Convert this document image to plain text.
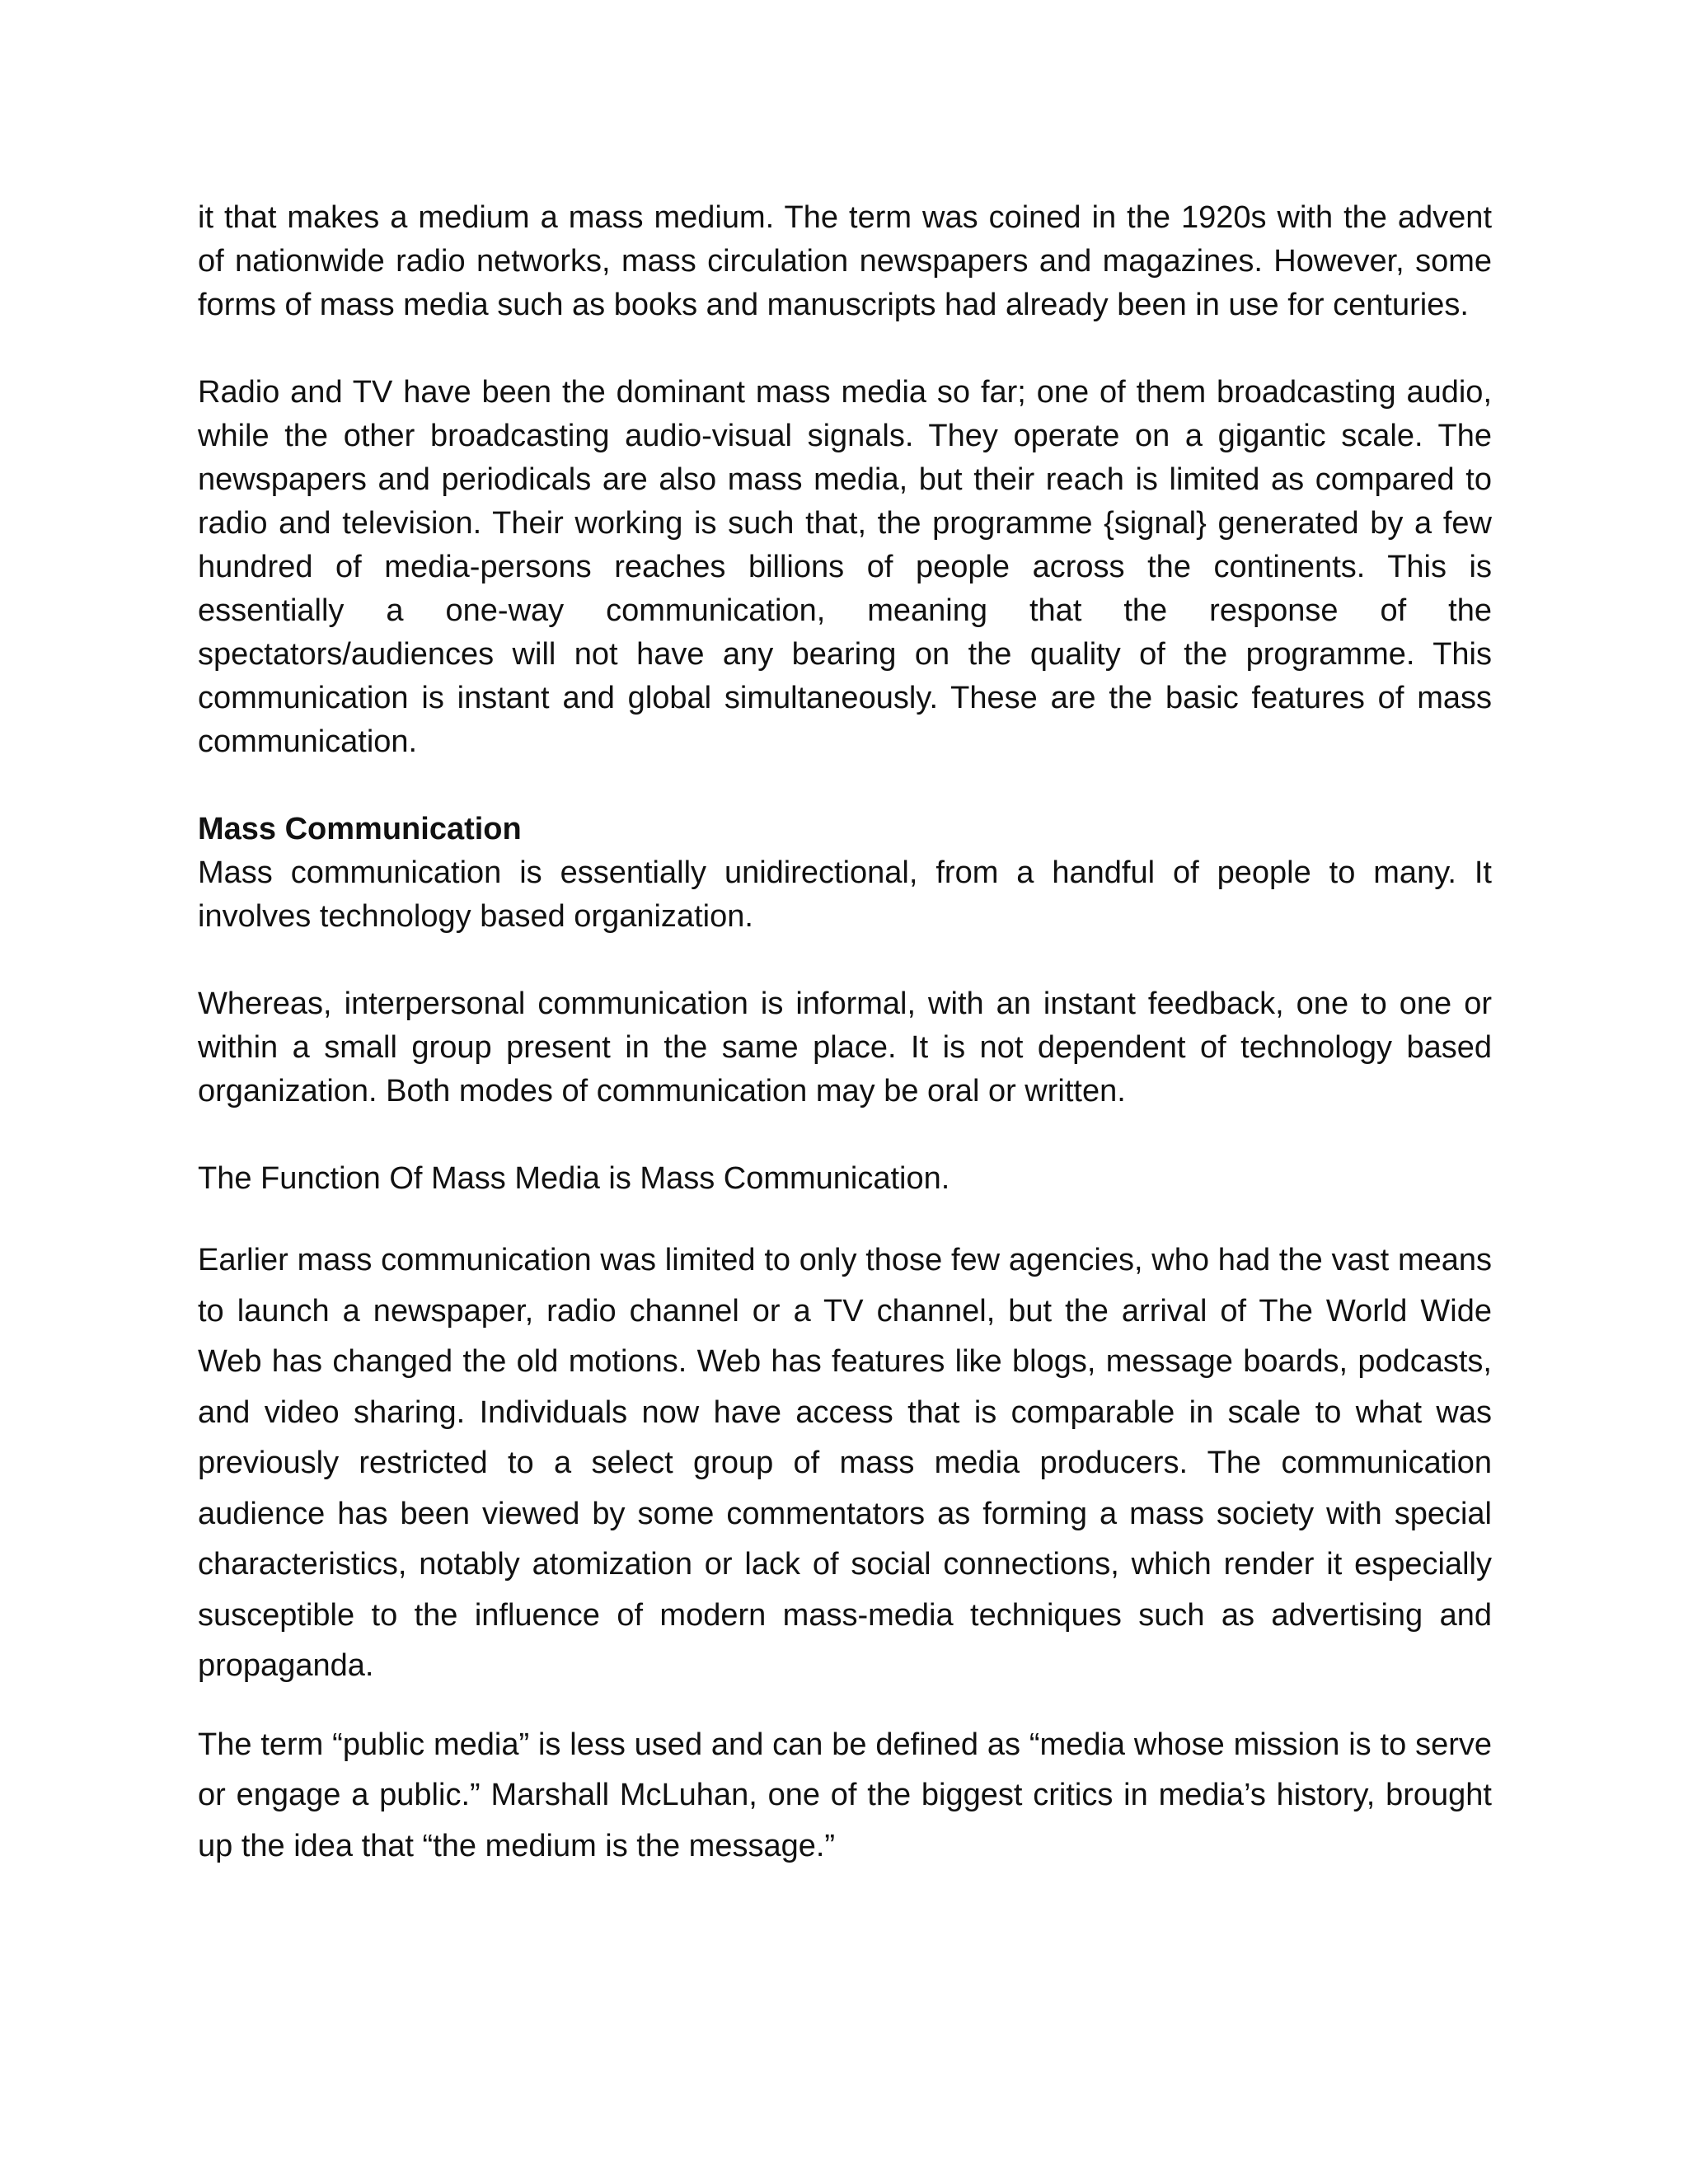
it that makes a medium a mass medium. The term was coined in the 1920s with the advent of nationwide radio networks, mass circulation newspapers and magazines. However, some forms of mass media such as books and manuscripts had already been in use for centuries.

Radio and TV have been the dominant mass media so far; one of them broadcasting audio, while the other broadcasting audio-visual signals. They operate on a gigantic scale. The newspapers and periodicals are also mass media, but their reach is limited as compared to radio and television. Their working is such that, the programme {signal} generated by a few hundred of media-persons reaches billions of people across the continents. This is essentially a one-way communication, meaning that the response of the spectators/audiences will not have any bearing on the quality of the programme. This communication is instant and global simultaneously. These are the basic features of mass communication.

Mass Communication

Mass communication is essentially unidirectional, from a handful of people to many. It involves technology based organization.

Whereas, interpersonal communication is informal, with an instant feedback, one to one or within a small group present in the same place. It is not dependent of technology based organization. Both modes of communication may be oral or written.

The Function Of Mass Media is Mass Communication.

Earlier mass communication was limited to only those few agencies, who had the vast means to launch a newspaper, radio channel or a TV channel, but the arrival of The World Wide Web has changed the old motions. Web has features like blogs, message boards, podcasts, and video sharing. Individuals now have access that is comparable in scale to what was previously restricted to a select group of mass media producers. The communication audience has been viewed by some commentators as forming a mass society with special characteristics, notably atomization or lack of social connections, which render it especially susceptible to the influence of modern mass-media techniques such as advertising and propaganda.

The term “public media” is less used and can be defined as “media whose mission is to serve or engage a public.” Marshall McLuhan, one of the biggest critics in media’s history, brought up the idea that “the medium is the message.”
